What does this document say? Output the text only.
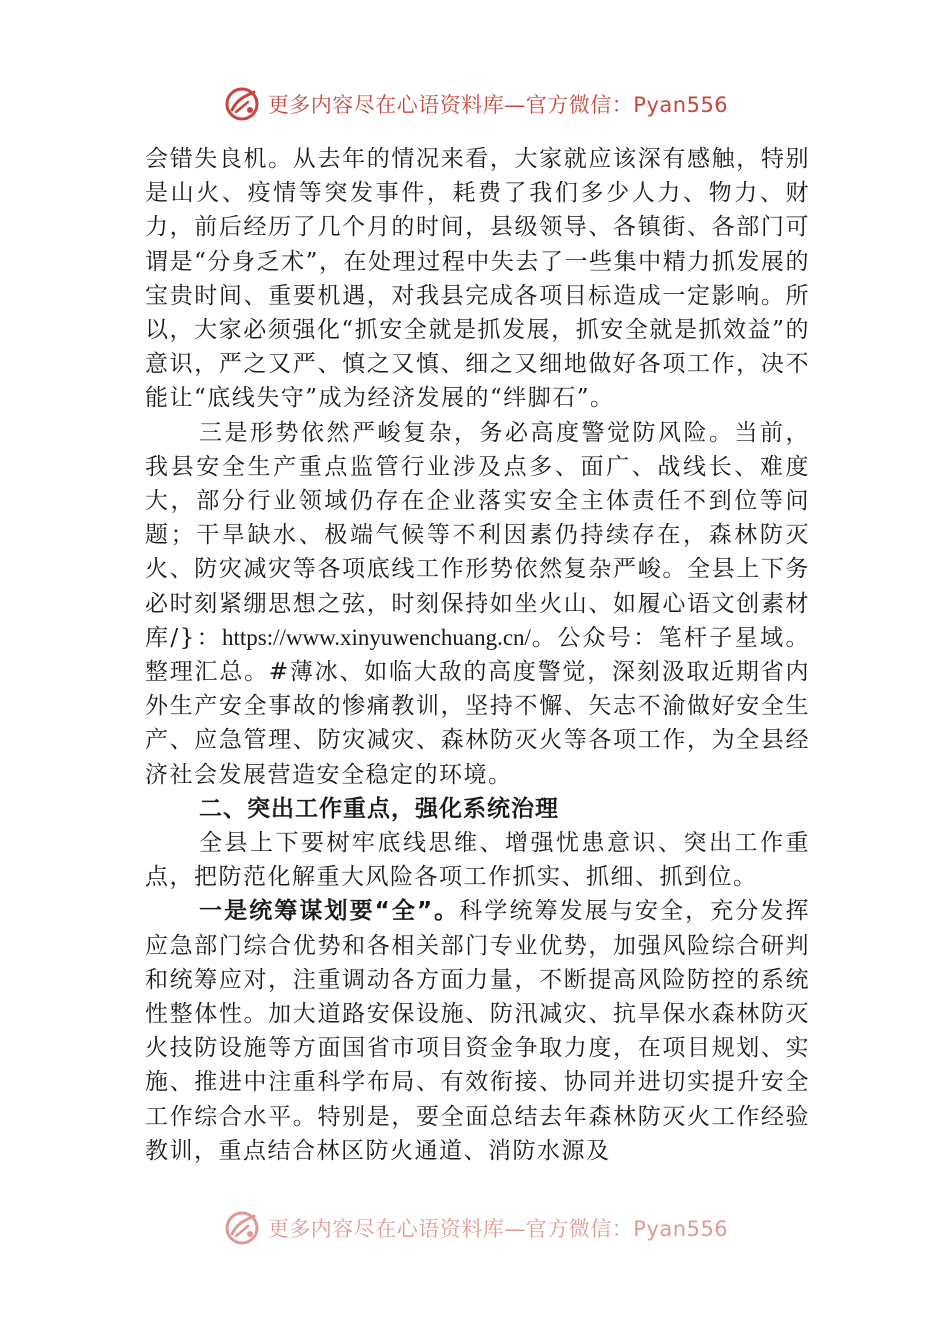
更多内容尽在心语资料库—官方微信：Pyan556

会错失良机。从去年的情况来看，大家就应该深有感触，特别是山火、疫情等突发事件，耗费了我们多少人力、物力、财力，前后经历了几个月的时间，县级领导、各镇街、各部门可谓是“分身乏术”，在处理过程中失去了一些集中精力抓发展的宝贵时间、重要机遇，对我县完成各项目标造成一定影响。所以，大家必须强化“抓安全就是抓发展，抓安全就是抓效益”的意识，严之又严、慎之又慎、细之又细地做好各项工作，决不能让“底线失守”成为经济发展的“绊脚石”。

三是形势依然严峻复杂，务必高度警觉防风险。当前，我县安全生产重点监管行业涉及点多、面广、战线长、难度大，部分行业领域仍存在企业落实安全主体责任不到位等问题；干旱缺水、极端气候等不利因素仍持续存在，森林防灭火、防灾减灾等各项底线工作形势依然复杂严峻。全县上下务必时刻紧绷思想之弦，时刻保持如坐火山、如履心语文创素材库/}：https://www.xinyuwenchuang.cn/。公众号：笔杆子星域。整理汇总。#薄冰、如临大敌的高度警觉，深刻汲取近期省内外生产安全事故的惨痛教训，坚持不懈、矢志不渝做好安全生产、应急管理、防灾减灾、森林防灭火等各项工作，为全县经济社会发展营造安全稳定的环境。

二、突出工作重点，强化系统治理

全县上下要树牢底线思维、增强忧患意识、突出工作重点，把防范化解重大风险各项工作抓实、抓细、抓到位。

一是统筹谋划要“全”。科学统筹发展与安全，充分发挥应急部门综合优势和各相关部门专业优势，加强风险综合研判和统筹应对，注重调动各方面力量，不断提高风险防控的系统性整体性。加大道路安保设施、防汛减灾、抗旱保水森林防灭火技防设施等方面国省市项目资金争取力度，在项目规划、实施、推进中注重科学布局、有效衔接、协同并进切实提升安全工作综合水平。特别是，要全面总结去年森林防灭火工作经验教训，重点结合林区防火通道、消防水源及

更多内容尽在心语资料库—官方微信：Pyan556
